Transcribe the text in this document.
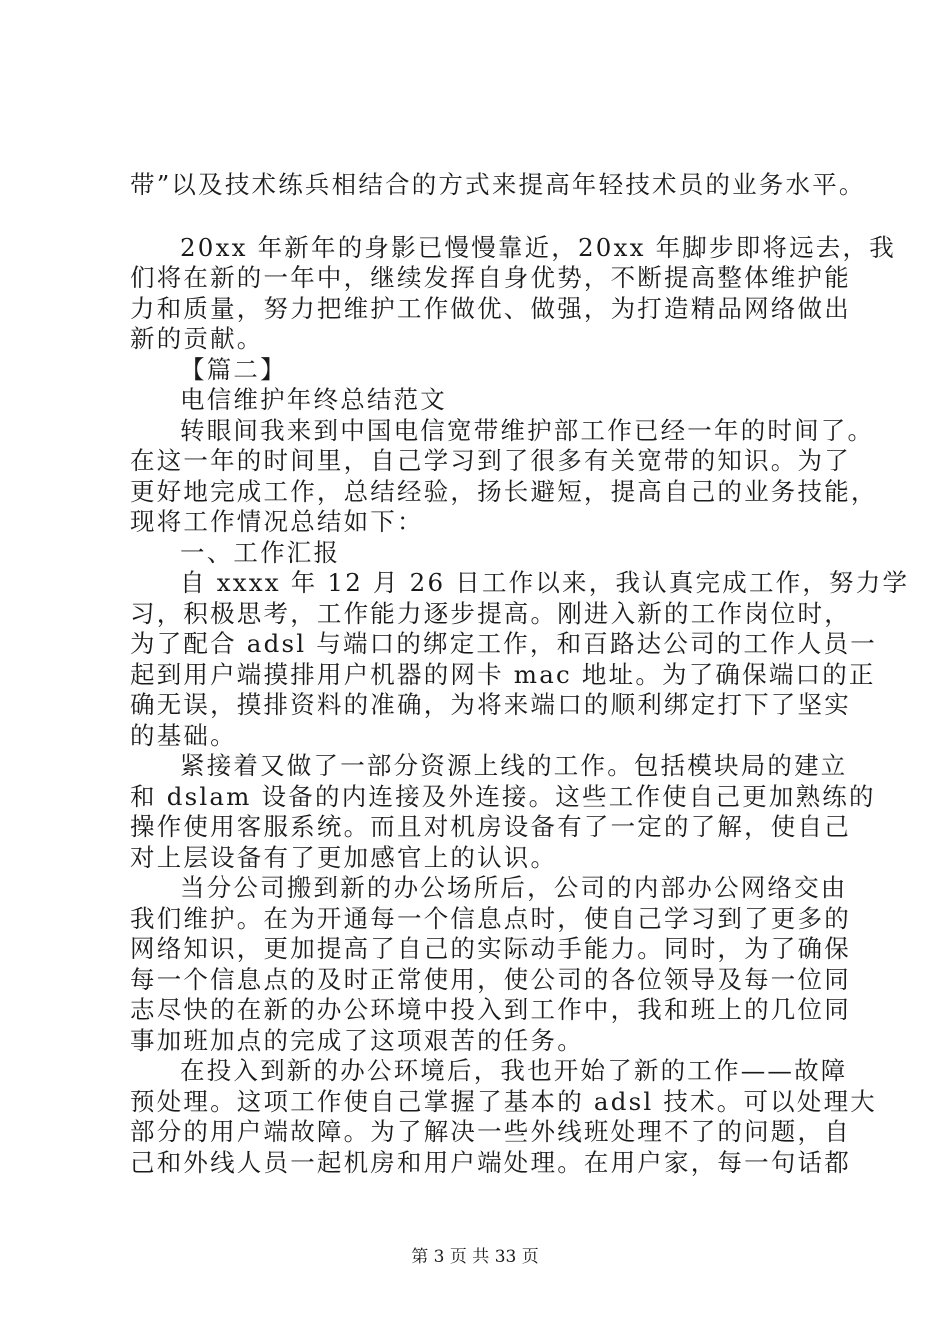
带”以及技术练兵相结合的方式来提高年轻技术员的业务水平。
20xx 年新年的身影已慢慢靠近，20xx 年脚步即将远去，我
们将在新的一年中，继续发挥自身优势，不断提高整体维护能
力和质量，努力把维护工作做优、做强，为打造精品网络做出
新的贡献。
【篇二】
电信维护年终总结范文
转眼间我来到中国电信宽带维护部工作已经一年的时间了。
在这一年的时间里，自己学习到了很多有关宽带的知识。为了
更好地完成工作，总结经验，扬长避短，提高自己的业务技能，
现将工作情况总结如下：
一、工作汇报
自 xxxx 年 12 月 26 日工作以来，我认真完成工作，努力学
习，积极思考，工作能力逐步提高。刚进入新的工作岗位时，
为了配合 adsl 与端口的绑定工作，和百路达公司的工作人员一
起到用户端摸排用户机器的网卡 mac 地址。为了确保端口的正
确无误，摸排资料的准确，为将来端口的顺利绑定打下了坚实
的基础。
紧接着又做了一部分资源上线的工作。包括模块局的建立
和 dslam 设备的内连接及外连接。这些工作使自己更加熟练的
操作使用客服系统。而且对机房设备有了一定的了解，使自己
对上层设备有了更加感官上的认识。
当分公司搬到新的办公场所后，公司的内部办公网络交由
我们维护。在为开通每一个信息点时，使自己学习到了更多的
网络知识，更加提高了自己的实际动手能力。同时，为了确保
每一个信息点的及时正常使用，使公司的各位领导及每一位同
志尽快的在新的办公环境中投入到工作中，我和班上的几位同
事加班加点的完成了这项艰苦的任务。
在投入到新的办公环境后，我也开始了新的工作——故障
预处理。这项工作使自己掌握了基本的 adsl 技术。可以处理大
部分的用户端故障。为了解决一些外线班处理不了的问题，自
己和外线人员一起机房和用户端处理。在用户家，每一句话都
第 3 页 共 33 页
